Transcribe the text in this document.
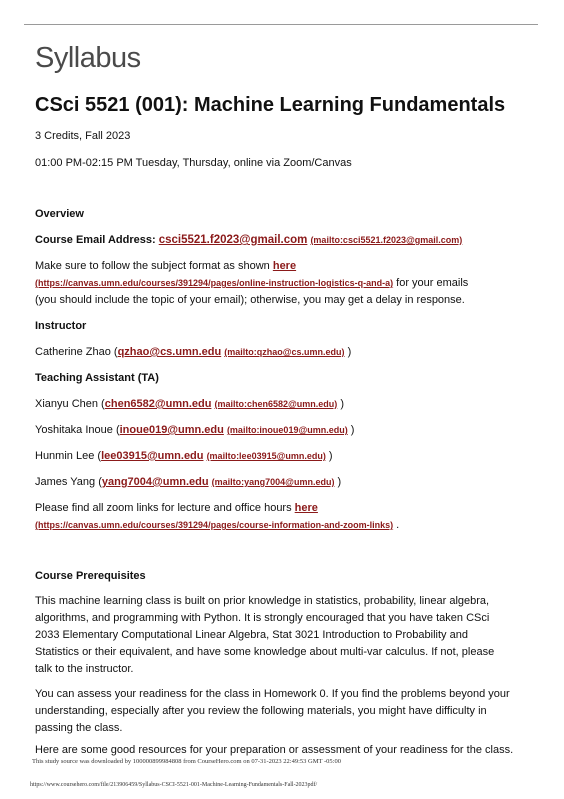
Syllabus
CSci 5521 (001): Machine Learning Fundamentals
3 Credits, Fall 2023
01:00 PM-02:15 PM Tuesday, Thursday, online via Zoom/Canvas
Overview
Course Email Address: csci5521.f2023@gmail.com (mailto:csci5521.f2023@gmail.com)
Make sure to follow the subject format as shown here
(https://canvas.umn.edu/courses/391294/pages/online-instruction-logistics-q-and-a) for your emails
(you should include the topic of your email); otherwise, you may get a delay in response.
Instructor
Catherine Zhao (qzhao@cs.umn.edu (mailto:qzhao@cs.umn.edu) )
Teaching Assistant (TA)
Xianyu Chen (chen6582@umn.edu (mailto:chen6582@umn.edu) )
Yoshitaka Inoue (inoue019@umn.edu (mailto:inoue019@umn.edu) )
Hunmin Lee (lee03915@umn.edu (mailto:lee03915@umn.edu) )
James Yang (yang7004@umn.edu (mailto:yang7004@umn.edu) )
Please find all zoom links for lecture and office hours here
(https://canvas.umn.edu/courses/391294/pages/course-information-and-zoom-links) .
Course Prerequisites
This machine learning class is built on prior knowledge in statistics, probability, linear algebra,
algorithms, and programming with Python. It is strongly encouraged that you have taken CSci
2033 Elementary Computational Linear Algebra, Stat 3021 Introduction to Probability and
Statistics or their equivalent, and have some knowledge about multi-var calculus. If not, please
talk to the instructor.
You can assess your readiness for the class in Homework 0. If you find the problems beyond your
understanding, especially after you review the following materials, you might have difficulty in
passing the class.
Here are some good resources for your preparation or assessment of your readiness for the class.
This study source was downloaded by 100000899984808 from CourseHero.com on 07-31-2023 22:49:53 GMT -05:00
https://www.coursehero.com/file/213906459/Syllabus-CSCI-5521-001-Machine-Learning-Fundamentals-Fall-2023pdf/
